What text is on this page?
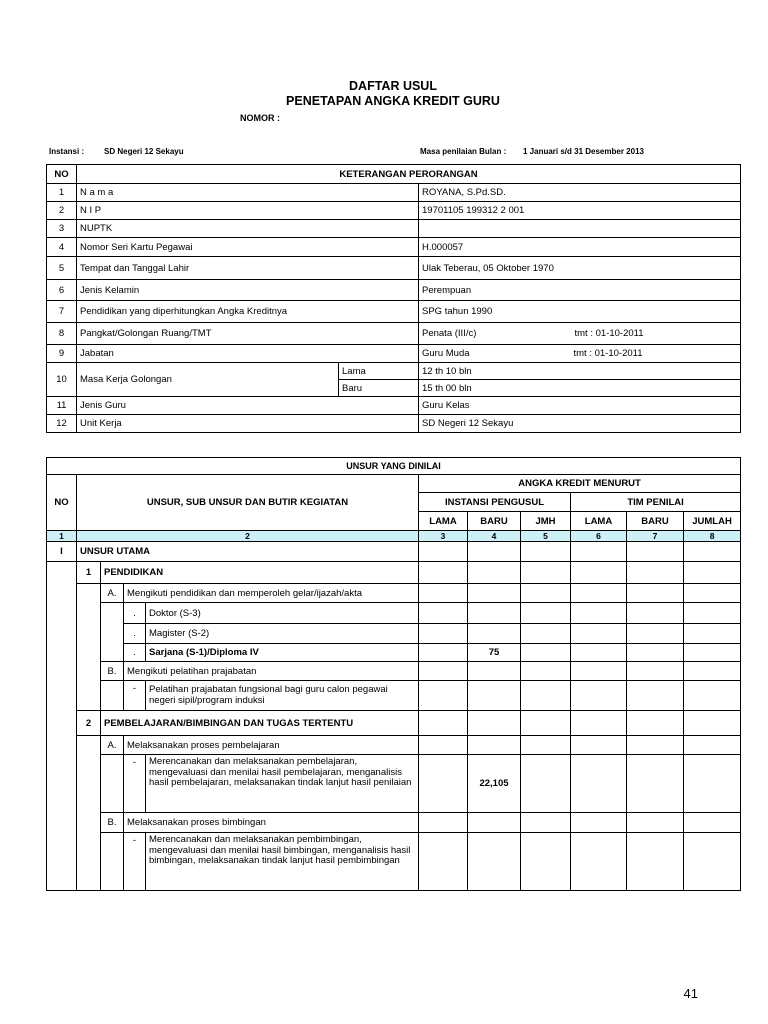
DAFTAR USUL
PENETAPAN ANGKA KREDIT GURU
NOMOR :
Instansi : SD Negeri 12 Sekayu	Masa penilaian Bulan : 1 Januari s/d 31 Desember 2013
NO	KETERANGAN PERORANGAN		
1	N a m a		ROYANA, S.Pd.SD.
2	N I P		19701105 199312 2 001
3	NUPTK		
4	Nomor Seri Kartu Pegawai		H.000057
5	Tempat dan Tanggal Lahir		Ulak Teberau, 05 Oktober 1970
6	Jenis Kelamin		Perempuan
7	Pendidikan yang diperhitungkan Angka Kreditnya		SPG tahun 1990
8	Pangkat/Golongan Ruang/TMT		Penata (III/c) tmt : 01-10-2011

9	Jabatan		Guru Muda tmt : 01-10-2011

10	Masa Kerja Golongan	Lama	12 th 10 bln
		Baru	15 th 00 bln
11	Jenis Guru		Guru Kelas
12	Unit Kerja		SD Negeri 12 Sekayu
UNSUR YANG DINILAI										
NO	UNSUR, SUB UNSUR DAN BUTIR KEGIATAN				ANGKA KREDIT MENURUT					
					INSTANSI PENGUSUL			TIM PENILAI		
					LAMA	BARU	JMH	LAMA	BARU	JUMLAH
1	2				3	4	5	6	7	8
I	UNSUR UTAMA									
	1	PENDIDIKAN								
		A.	Mengikuti pendidikan dan memperoleh gelar/ijazah/akta							
			.	Doktor (S-3)						
			.	Magister (S-2)						
			.	Sarjana (S-1)/Diploma IV		75				
		B.	Mengikuti pelatihan prajabatan							
			-	Pelatihan prajabatan fungsional bagi guru calon pegawai negeri sipil/program induksi						
	2	PEMBELAJARAN/BIMBINGAN DAN TUGAS TERTENTU								
		A.	Melaksanakan proses pembelajaran							
			-	Merencanakan dan melaksanakan pembelajaran, mengevaluasi dan menilai hasil pembelajaran, menganalisis hasil pembelajaran, melaksanakan tindak lanjut hasil penilaian		22,105				
		B.	Melaksanakan proses bimbingan							
			-	Merencanakan dan melaksanakan pembimbingan, mengevaluasi dan menilai hasil bimbingan, menganalisis hasil bimbingan, melaksanakan tindak lanjut hasil pembimbingan						
41
